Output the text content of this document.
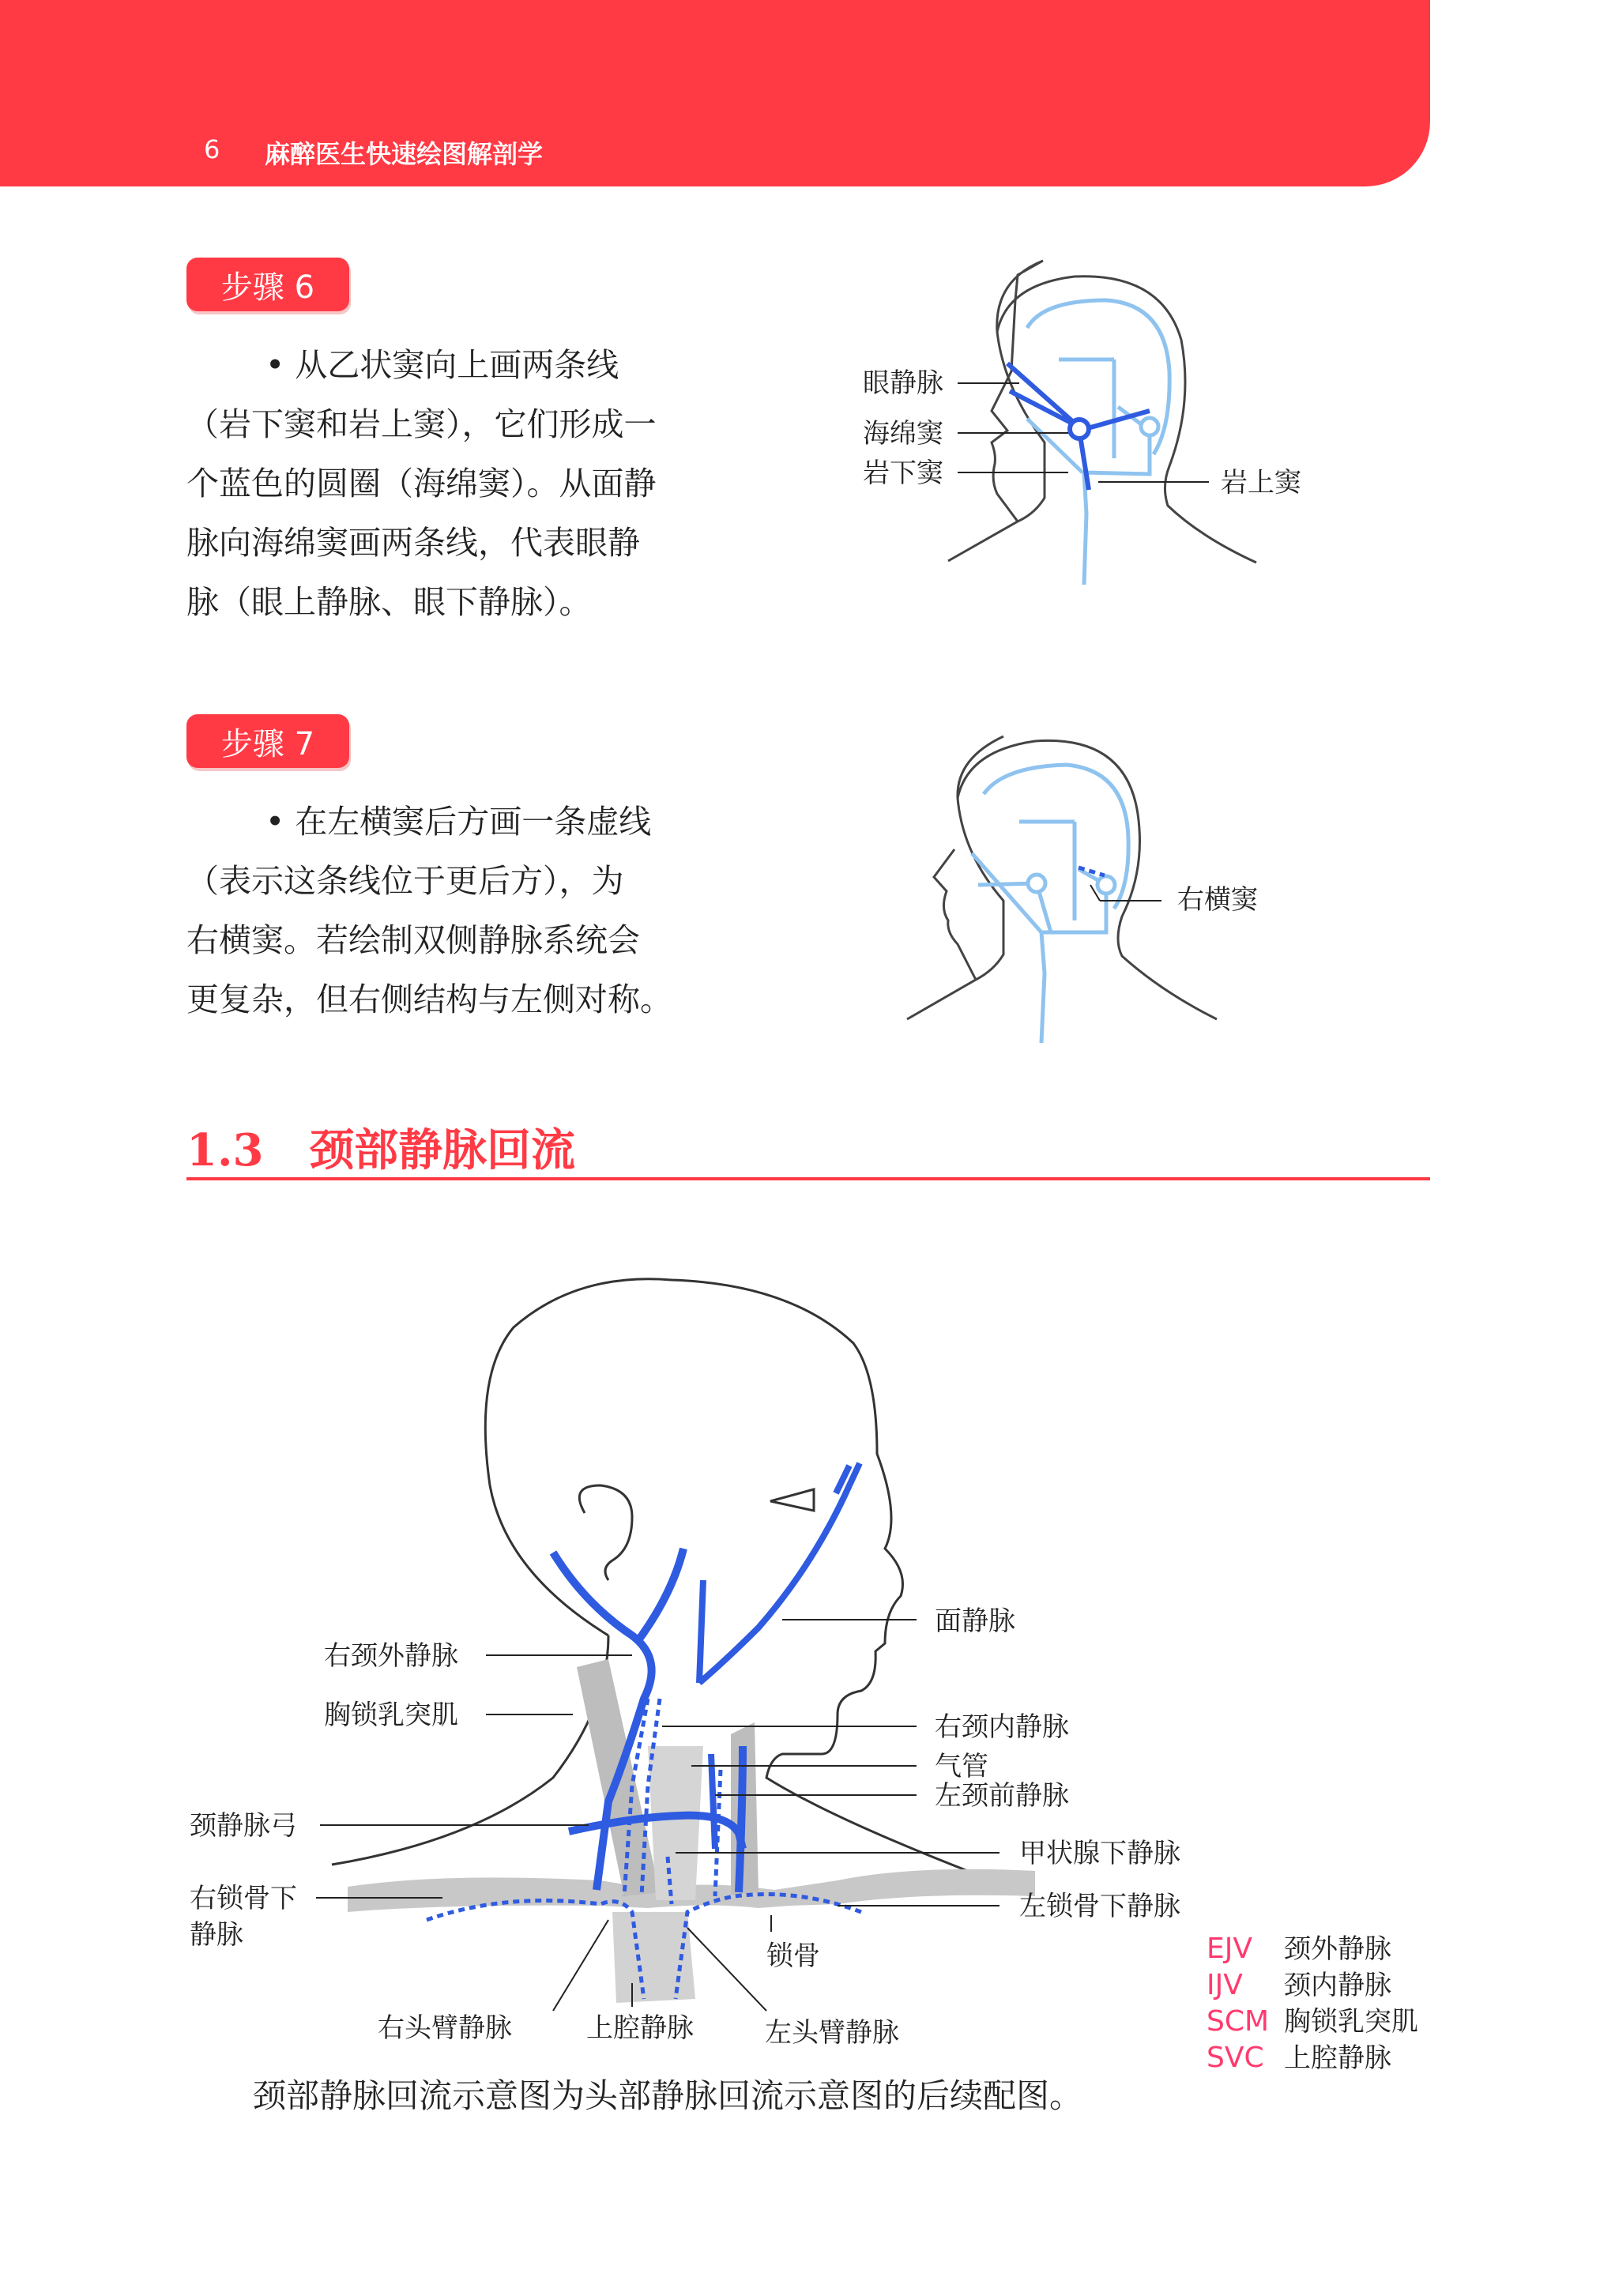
6 麻醉医生快速绘图解剖学
步骤 6
• 从乙状窦向上画两条线
（岩下窦和岩上窦），它们形成一
个蓝色的圆圈（海绵窦）。从面静
脉向海绵窦画两条线，代表眼静
脉（眼上静脉、眼下静脉）。
步骤 7
• 在左横窦后方画一条虚线
（表示这条线位于更后方），为
右横窦。若绘制双侧静脉系统会
更复杂，但右侧结构与左侧对称。
1.3 颈部静脉回流
眼静脉
海绵窦
岩下窦	岩上窦
右横窦
面静脉
右颈外静脉
胸锁乳突肌	右颈内静脉
气管
左颈前静脉
颈静脉弓
甲状腺下静脉
右锁骨下
静脉
左锁骨下静脉
锁骨
右头臂静脉	上腔静脉	左头臂静脉
EJV 颈外静脉
IJV 颈内静脉
SCM 胸锁乳突肌
SVC 上腔静脉
颈部静脉回流示意图为头部静脉回流示意图的后续配图。
